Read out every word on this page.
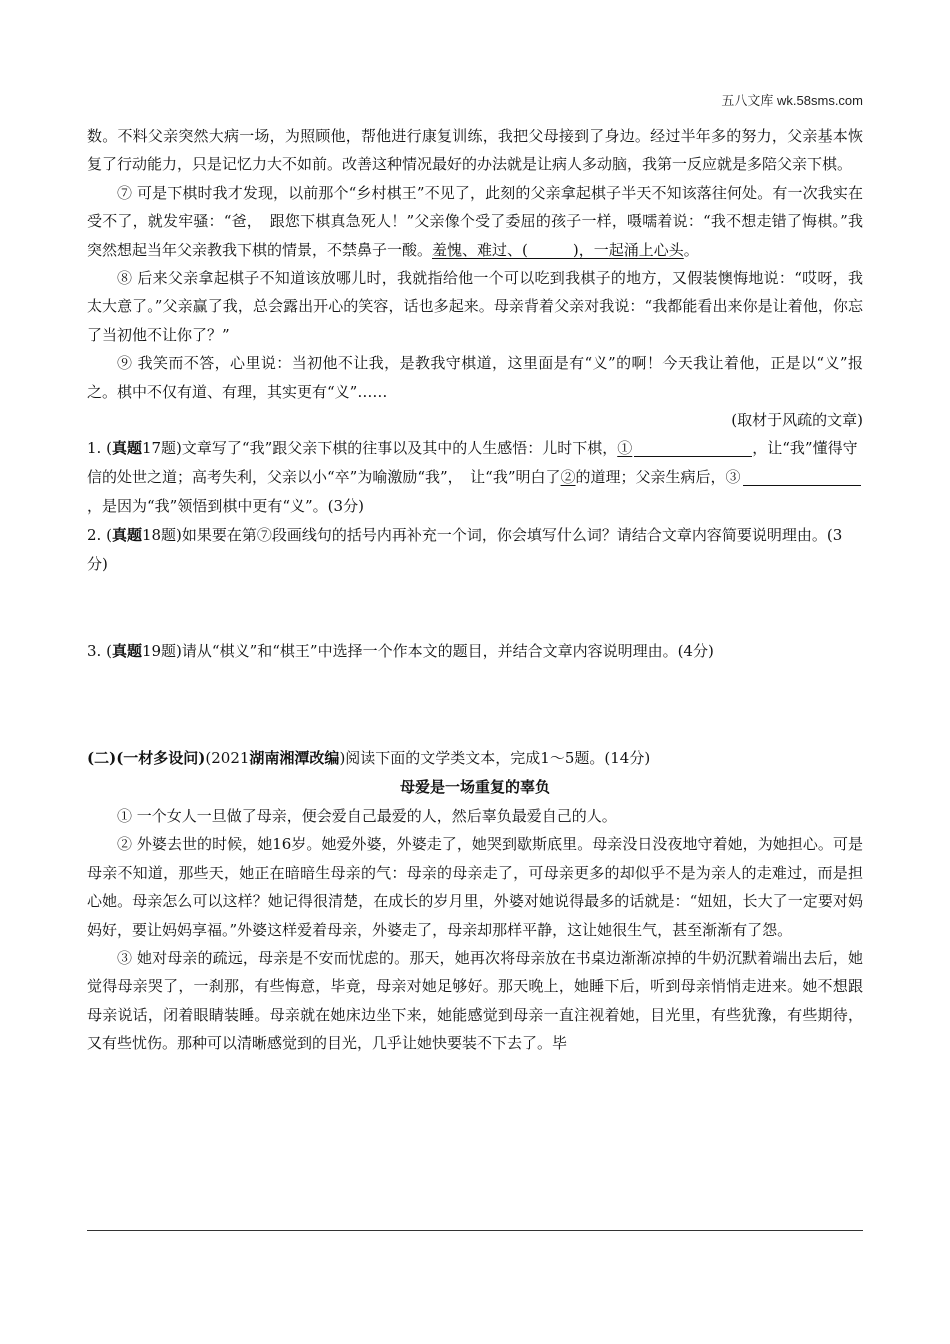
五八文库 wk.58sms.com

数。不料父亲突然大病一场，为照顾他，帮他进行康复训练，我把父母接到了身边。经过半年多的努力，父亲基本恢复了行动能力，只是记忆力大不如前。改善这种情况最好的办法就是让病人多动脑，我第一反应就是多陪父亲下棋。

⑦ 可是下棋时我才发现，以前那个“乡村棋王”不见了，此刻的父亲拿起棋子半天不知该落往何处。有一次我实在受不了，就发牢骚：“爸，　跟您下棋真急死人！”父亲像个受了委屈的孩子一样，嗫嚅着说：“我不想走错了悔棋。”我突然想起当年父亲教我下棋的情景，不禁鼻子一酸。羞愧、难过、(　　　)，一起涌上心头。

⑧ 后来父亲拿起棋子不知道该放哪儿时，我就指给他一个可以吃到我棋子的地方，又假装懊悔地说：“哎呀，我太大意了。”父亲赢了我，总会露出开心的笑容，话也多起来。母亲背着父亲对我说：“我都能看出来你是让着他，你忘了当初他不让你了？”

⑨ 我笑而不答，心里说：当初他不让我，是教我守棋道，这里面是有“义”的啊！今天我让着他，正是以“义”报之。棋中不仅有道、有理，其实更有“义”……

(取材于风疏的文章)

1. (真题17题)文章写了“我”跟父亲下棋的往事以及其中的人生感悟：儿时下棋，①	，让“我”懂得守信的处世之道；高考失利，父亲以小“卒”为喻激励“我”，　让“我”明白了②的道理；父亲生病后，③，是因为“我”领悟到棋中更有“义”。(3分)

2. (真题18题)如果要在第⑦段画线句的括号内再补充一个词，你会填写什么词？请结合文章内容简要说明理由。(3分)

3. (真题19题)请从“棋义”和“棋王”中选择一个作本文的题目，并结合文章内容说明理由。(4分)

(二)(一材多设问)(2021湖南湘潭改编)阅读下面的文学类文本，完成1～5题。(14分)

母爱是一场重复的辜负

① 一个女人一旦做了母亲，便会爱自己最爱的人，然后辜负最爱自己的人。

② 外婆去世的时候，她16岁。她爱外婆，外婆走了，她哭到歇斯底里。母亲没日没夜地守着她，为她担心。可是母亲不知道，那些天，她正在暗暗生母亲的气：母亲的母亲走了，可母亲更多的却似乎不是为亲人的走难过，而是担心她。母亲怎么可以这样？她记得很清楚，在成长的岁月里，外婆对她说得最多的话就是：“妞妞，长大了一定要对妈妈好，要让妈妈享福。”外婆这样爱着母亲，外婆走了，母亲却那样平静，这让她很生气，甚至渐渐有了怨。

③ 她对母亲的疏远，母亲是不安而忧虑的。那天，她再次将母亲放在书桌边渐渐凉掉的牛奶沉默着端出去后，她觉得母亲哭了，一刹那，有些悔意，毕竟，母亲对她足够好。那天晚上，她睡下后，听到母亲悄悄走进来。她不想跟母亲说话，闭着眼睛装睡。母亲就在她床边坐下来，她能感觉到母亲一直注视着她，目光里，有些犹豫，有些期待，又有些忧伤。那种可以清晰感觉到的目光，几乎让她快要装不下去了。毕
